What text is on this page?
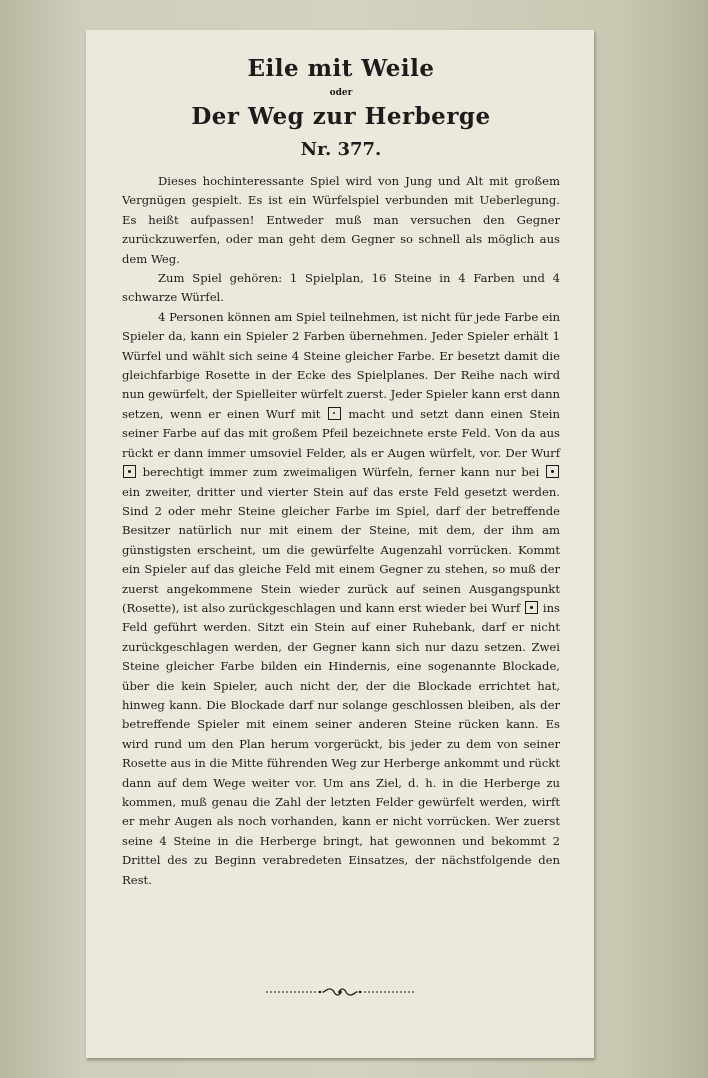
Eile mit Weile
oder
Der Weg zur Herberge
Nr. 377.

Dieses hochinteressante Spiel wird von Jung und Alt mit großem Vergnügen gespielt. Es ist ein Würfelspiel verbunden mit Ueberlegung. Es heißt aufpassen! Entweder muß man versuchen den Gegner zurückzuwerfen, oder man geht dem Gegner so schnell als möglich aus dem Weg.

Zum Spiel gehören: 1 Spielplan, 16 Steine in 4 Farben und 4 schwarze Würfel.

4 Personen können am Spiel teilnehmen, ist nicht für jede Farbe ein Spieler da, kann ein Spieler 2 Farben übernehmen. Jeder Spieler erhält 1 Würfel und wählt sich seine 4 Steine gleicher Farbe. Er besetzt damit die gleichfarbige Rosette in der Ecke des Spielplanes. Der Reihe nach wird nun gewürfelt, der Spielleiter würfelt zuerst. Jeder Spieler kann erst dann setzen, wenn er einen Wurf mit macht und setzt dann einen Stein seiner Farbe auf das mit großem Pfeil bezeichnete erste Feld. Von da aus rückt er dann immer umsoviel Felder, als er Augen würfelt, vor. Der Wurf  berechtigt immer zum zweimaligen Würfeln, ferner kann nur bei  ein zweiter, dritter und vierter Stein auf das erste Feld gesetzt werden. Sind 2 oder mehr Steine gleicher Farbe im Spiel, darf der betreffende Besitzer natürlich nur mit einem der Steine, mit dem, der ihm am günstigsten erscheint, um die gewürfelte Augenzahl vorrücken. Kommt ein Spieler auf das gleiche Feld mit einem Gegner zu stehen, so muß der zuerst angekommene Stein wieder zurück auf seinen Ausgangspunkt (Rosette), ist also zurückgeschlagen und kann erst wieder bei Wurf ins Feld geführt werden. Sitzt ein Stein auf einer Ruhebank, darf er nicht zurückgeschlagen werden, der Gegner kann sich nur dazu setzen. Zwei Steine gleicher Farbe bilden ein Hindernis, eine sogenannte Blockade, über die kein Spieler, auch nicht der, der die Blockade errichtet hat, hinweg kann. Die Blockade darf nur solange geschlossen bleiben, als der betreffende Spieler mit einem seiner anderen Steine rücken kann. Es wird rund um den Plan herum vorgerückt, bis jeder zu dem von seiner Rosette aus in die Mitte führenden Weg zur Herberge ankommt und rückt dann auf dem Wege weiter vor. Um ans Ziel, d. h. in die Herberge zu kommen, muß genau die Zahl der letzten Felder gewürfelt werden, wirft er mehr Augen als noch vorhanden, kann er nicht vorrücken. Wer zuerst seine 4 Steine in die Herberge bringt, hat gewonnen und bekommt 2 Drittel des zu Beginn verabredeten Einsatzes, der nächstfolgende den Rest.
